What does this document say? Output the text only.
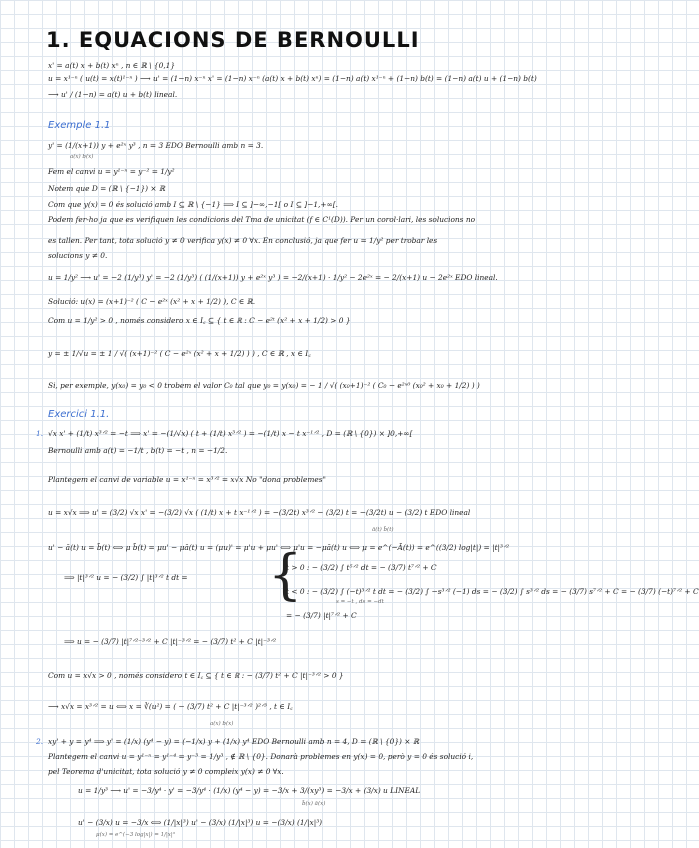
1. EQUACIONS DE BERNOULLI
x' = a(t) x + b(t) xⁿ , n ∈ ℝ \ {0,1}
u = x¹⁻ⁿ ( u(t) = x(t)¹⁻ⁿ ) ⟶ u' = (1−n) x⁻ⁿ x' = (1−n) x⁻ⁿ (a(t) x + b(t) xⁿ) = (1−n) a(t) x¹⁻ⁿ + (1−n) b(t) = (1−n) a(t) u + (1−n) b(t)
⟶ u' / (1−n) = a(t) u + b(t) lineal.
Exemple 1.1
y' = (1/(x+1)) y + e²ˣ y³ , n = 3 EDO Bernoulli amb n = 3.
a(x) b(x)
Fem el canvi u = y¹⁻ⁿ = y⁻² = 1/y²
Notem que D = (ℝ \ {−1}) × ℝ
Com que y(x) = 0 és solució amb I ⊆ ℝ \ {−1} ⟹ I ⊆ ]−∞,−1[ o I ⊆ ]−1,+∞[.
Podem fer-ho ja que es verifiquen les condicions del Tma de unicitat (f ∈ C¹(D)). Per un corol·lari, les solucions no
es tallen. Per tant, tota solució y ≠ 0 verifica y(x) ≠ 0 ∀x. En conclusió, ja que fer u = 1/y² per trobar les
solucions y ≠ 0.
u = 1/y² ⟶ u' = −2 (1/y³) y' = −2 (1/y³) ( (1/(x+1)) y + e²ˣ y³ ) = −2/(x+1) · 1/y² − 2e²ˣ = − 2/(x+1) u − 2e²ˣ EDO lineal.
Solució: u(x) = (x+1)⁻² ( C − e²ˣ (x² + x + 1/2) ), C ∈ ℝ.
Com u = 1/y² > 0 , només considero x ∈ I꜀ ⊆ { t ∈ ℝ : C − e²ᵗ (x² + x + 1/2) > 0 }
y = ± 1/√u = ± 1 / √( (x+1)⁻² ( C − e²ˣ (x² + x + 1/2) ) ) , C ∈ ℝ , x ∈ I꜀
Si, per exemple, y(x₀) = y₀ < 0 trobem el valor C₀ tal que y₀ = y(x₀) = − 1 / √( (x₀+1)⁻² ( C₀ − e²ˣ⁰ (x₀² + x₀ + 1/2) ) )
Exercici 1.1.
1. √x x' + (1/t) x³ᐟ² = −t ⟹ x' = −(1/√x) ( t + (1/t) x³ᐟ² ) = −(1/t) x − t x⁻¹ᐟ² , D = (ℝ \ {0}) × ]0,+∞[
Bernoulli amb a(t) = −1/t , b(t) = −t , n = −1/2.
Plantegem el canvi de variable u = x¹⁻ⁿ = x³ᐟ² = x√x No "dona problemes"
u = x√x ⟹ u' = (3/2) √x x' = −(3/2) √x ( (1/t) x + t x⁻¹ᐟ² ) = −(3/2t) x³ᐟ² − (3/2) t = −(3/2t) u − (3/2) t EDO lineal
ā(t) b̄(t)
u' − ā(t) u = b̄(t) ⟺ μ b̄(t) = μu' − μā(t) u = (μu)' = μ'u + μu' ⟺ μ'u = −μā(t) u ⟺ μ = e^(−Ā(t)) = e^((3/2) log|t|) = |t|³ᐟ²
⟹ |t|³ᐟ² u = − (3/2) ∫ |t|³ᐟ² t dt =	{
t > 0 : − (3/2) ∫ t⁵ᐟ² dt = − (3/7) t⁷ᐟ² + C
t < 0 : − (3/2) ∫ (−t)³ᐟ² t dt = − (3/2) ∫ −s³ᐟ² (−1) ds = − (3/2) ∫ s³ᐟ² ds = − (3/7) s⁷ᐟ² + C = − (3/7) (−t)⁷ᐟ² + C
s = −t , ds = −dt
= − (3/7) |t|⁷ᐟ² + C
⟹ u = − (3/7) |t|⁷ᐟ²⁻³ᐟ² + C |t|⁻³ᐟ² = − (3/7) t² + C |t|⁻³ᐟ²
Com u = x√x > 0 , només considero t ∈ I꜀ ⊆ { t ∈ ℝ : − (3/7) t² + C |t|⁻³ᐟ² > 0 }
⟶ x√x = x³ᐟ² = u ⟺ x = ∛(u²) = ( − (3/7) t² + C |t|⁻³ᐟ² )²ᐟ³ , t ∈ I꜀
a(x) b(x)
2. xy' + y = y⁴ ⟹ y' = (1/x) (y⁴ − y) = (−1/x) y + (1/x) y⁴ EDO Bernoulli amb n = 4, D = (ℝ \ {0}) × ℝ
Plantegem el canvi u = y¹⁻ⁿ = y¹⁻⁴ = y⁻³ = 1/y³ , ∉ ℝ \ {0}. Donarà problemes en y(x) = 0, però y = 0 és solució i,
pel Teorema d'unicitat, tota solució y ≠ 0 compleix y(x) ≠ 0 ∀x.
u = 1/y³ ⟶ u' = −3/y⁴ · y' = −3/y⁴ · (1/x) (y⁴ − y) = −3/x + 3/(xy³) = −3/x + (3/x) u LINEAL
b̄(x) ā(x)
u' − (3/x) u = −3/x ⟺ (1/|x|³) u' − (3/x) (1/|x|³) u = −(3/x) (1/|x|³)
μ(x) = e^(−3 log|x|) = 1/|x|³
